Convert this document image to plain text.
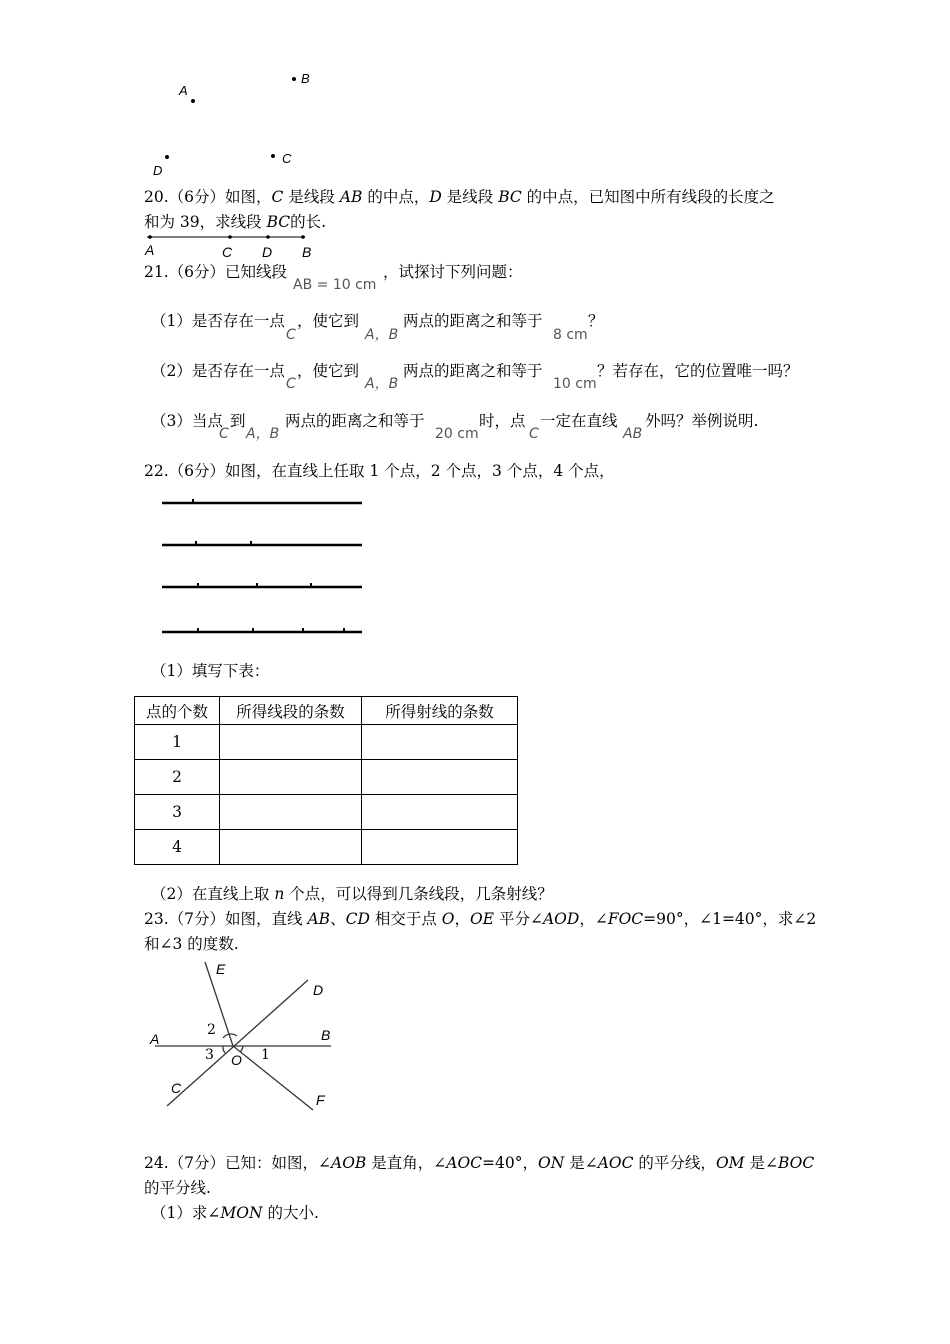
A
B
D
C
20.（6分）如图，C 是线段 AB 的中点，D 是线段 BC 的中点，已知图中所有线段的长度之
和为 39，求线段 BC的长.
A	C D B
21.（6分）已知线段
AB = 10 cm
，试探讨下列问题：
（1）是否存在一点
C
，使它到
A，B
两点的距离之和等于
8 cm
？
（2）是否存在一点
C
，使它到
A，B
两点的距离之和等于
10 cm
？若存在，它的位置唯一吗？
（3）当点
C
到
A，B
两点的距离之和等于
20 cm
时，点
C
一定在直线
AB
外吗？举例说明.
22.（6分）如图，在直线上任取 1 个点，2 个点，3 个点，4 个点，
（1）填写下表：
点的个数	所得线段的条数	所得射线的条数
1		
2		
3		
4		
（2）在直线上取 n 个点，可以得到几条线段，几条射线？
23.（7分）如图，直线 AB、CD 相交于点 O，OE 平分∠AOD，∠FOC=90°，∠1=40°，求∠2
和∠3 的度数.
E
D
A	B
2
3 O 1
C
F
24.（7分）已知：如图，∠AOB 是直角，∠AOC=40°，ON 是∠AOC 的平分线，OM 是∠BOC
的平分线.
（1）求∠MON 的大小.
